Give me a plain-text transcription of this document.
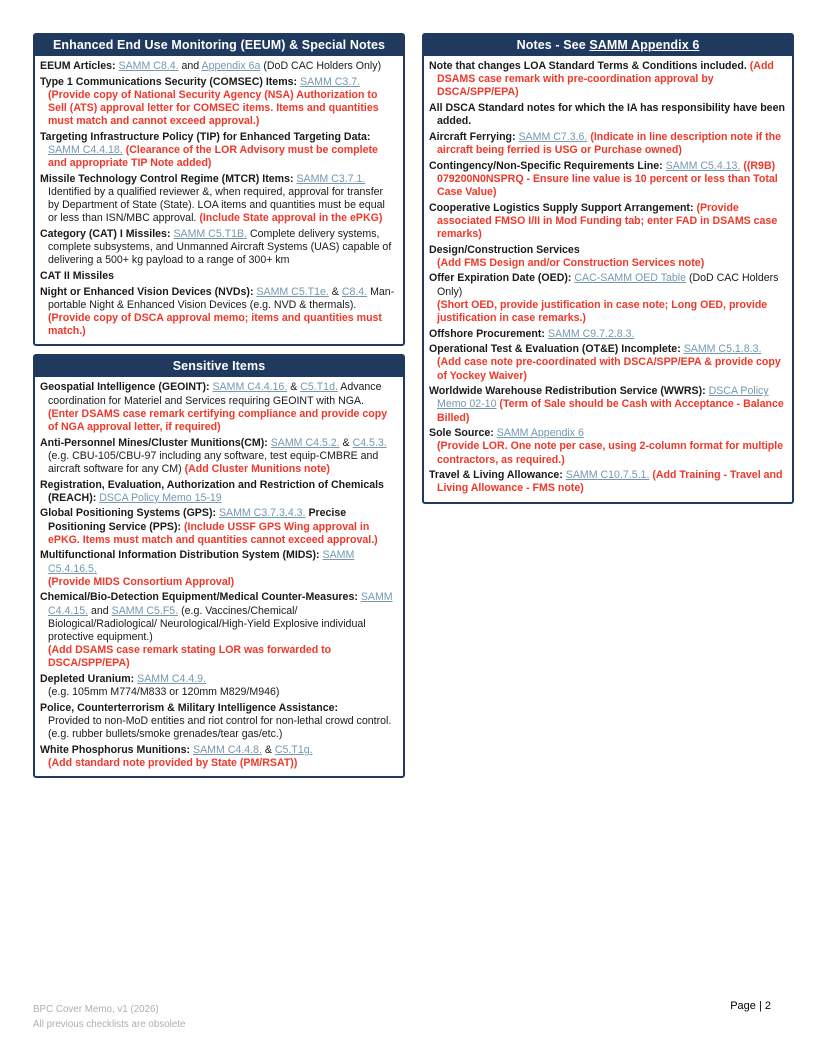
Enhanced End Use Monitoring (EEUM) & Special Notes
EEUM Articles: SAMM C8.4. and Appendix 6a (DoD CAC Holders Only)
Type 1 Communications Security (COMSEC) Items: SAMM C3.7. (Provide copy of National Security Agency (NSA) Authorization to Sell (ATS) approval letter for COMSEC items. Items and quantities must match and cannot exceed approval.)
Targeting Infrastructure Policy (TIP) for Enhanced Targeting Data: SAMM C4.4.18. (Clearance of the LOR Advisory must be complete and appropriate TIP Note added)
Missile Technology Control Regime (MTCR) Items: SAMM C3.7.1. Identified by a qualified reviewer &, when required, approval for transfer by Department of State (State). LOA items and quantities must be equal or less than ISN/MBC approval. (Include State approval in the ePKG)
Category (CAT) I Missiles: SAMM C5.T1B. Complete delivery systems, complete subsystems, and Unmanned Aircraft Systems (UAS) capable of delivering a 500+ kg payload to a range of 300+ km
CAT II Missiles
Night or Enhanced Vision Devices (NVDs): SAMM C5.T1e. & C8.4. Man-portable Night & Enhanced Vision Devices (e.g. NVD & thermals). (Provide copy of DSCA approval memo; items and quantities must match.)
Sensitive Items
Geospatial Intelligence (GEOINT): SAMM C4.4.16. & C5.T1d. Advance coordination for Materiel and Services requiring GEOINT with NGA.
(Enter DSAMS case remark certifying compliance and provide copy of NGA approval letter, if required)
Anti-Personnel Mines/Cluster Munitions(CM): SAMM C4.5.2. & C4.5.3. (e.g. CBU-105/CBU-97 including any software, test equip-CMBRE and aircraft software for any CM) (Add Cluster Munitions note)
Registration, Evaluation, Authorization and Restriction of Chemicals (REACH): DSCA Policy Memo 15-19
Global Positioning Systems (GPS): SAMM C3.7.3.4.3. Precise Positioning Service (PPS): (Include USSF GPS Wing approval in ePKG. Items must match and quantities cannot exceed approval.)
Multifunctional Information Distribution System (MIDS): SAMM C5.4.16.5.
(Provide MIDS Consortium Approval)
Chemical/Bio-Detection Equipment/Medical Counter-Measures: SAMM C4.4.15. and SAMM C5.F5. (e.g. Vaccines/Chemical/ Biological/Radiological/ Neurological/High-Yield Explosive individual protective equipment.)
(Add DSAMS case remark stating LOR was forwarded to DSCA/SPP/EPA)
Depleted Uranium: SAMM C4.4.9.
(e.g. 105mm M774/M833 or 120mm M829/M946)
Police, Counterterrorism & Military Intelligence Assistance:
Provided to non-MoD entities and riot control for non-lethal crowd control. (e.g. rubber bullets/smoke grenades/tear gas/etc.)
White Phosphorus Munitions: SAMM C4.4.8. & C5.T1g.
(Add standard note provided by State (PM/RSAT))
Notes - See SAMM Appendix 6
Note that changes LOA Standard Terms & Conditions included. (Add DSAMS case remark with pre-coordination approval by DSCA/SPP/EPA)
All DSCA Standard notes for which the IA has responsibility have been added.
Aircraft Ferrying: SAMM C7.3.6. (Indicate in line description note if the aircraft being ferried is USG or Purchase owned)
Contingency/Non-Specific Requirements Line: SAMM C5.4.13. ((R9B) 079200N0NSPRQ - Ensure line value is 10 percent or less than Total Case Value)
Cooperative Logistics Supply Support Arrangement: (Provide associated FMSO I/II in Mod Funding tab; enter FAD in DSAMS case remarks)
Design/Construction Services
(Add FMS Design and/or Construction Services note)
Offer Expiration Date (OED): CAC-SAMM OED Table (DoD CAC Holders Only)
(Short OED, provide justification in case note; Long OED, provide justification in case remarks.)
Offshore Procurement: SAMM C9.7.2.8.3.
Operational Test & Evaluation (OT&E) Incomplete: SAMM C5.1.8.3. (Add case note pre-coordinated with DSCA/SPP/EPA & provide copy of Yockey Waiver)
Worldwide Warehouse Redistribution Service (WWRS): DSCA Policy Memo 02-10 (Term of Sale should be Cash with Acceptance - Balance Billed)
Sole Source: SAMM Appendix 6
(Provide LOR. One note per case, using 2-column format for multiple contractors, as required.)
Travel & Living Allowance: SAMM C10.7.5.1. (Add Training - Travel and Living Allowance - FMS note)
BPC Cover Memo, v1 (2026)
All previous checklists are obsolete
Page | 2
